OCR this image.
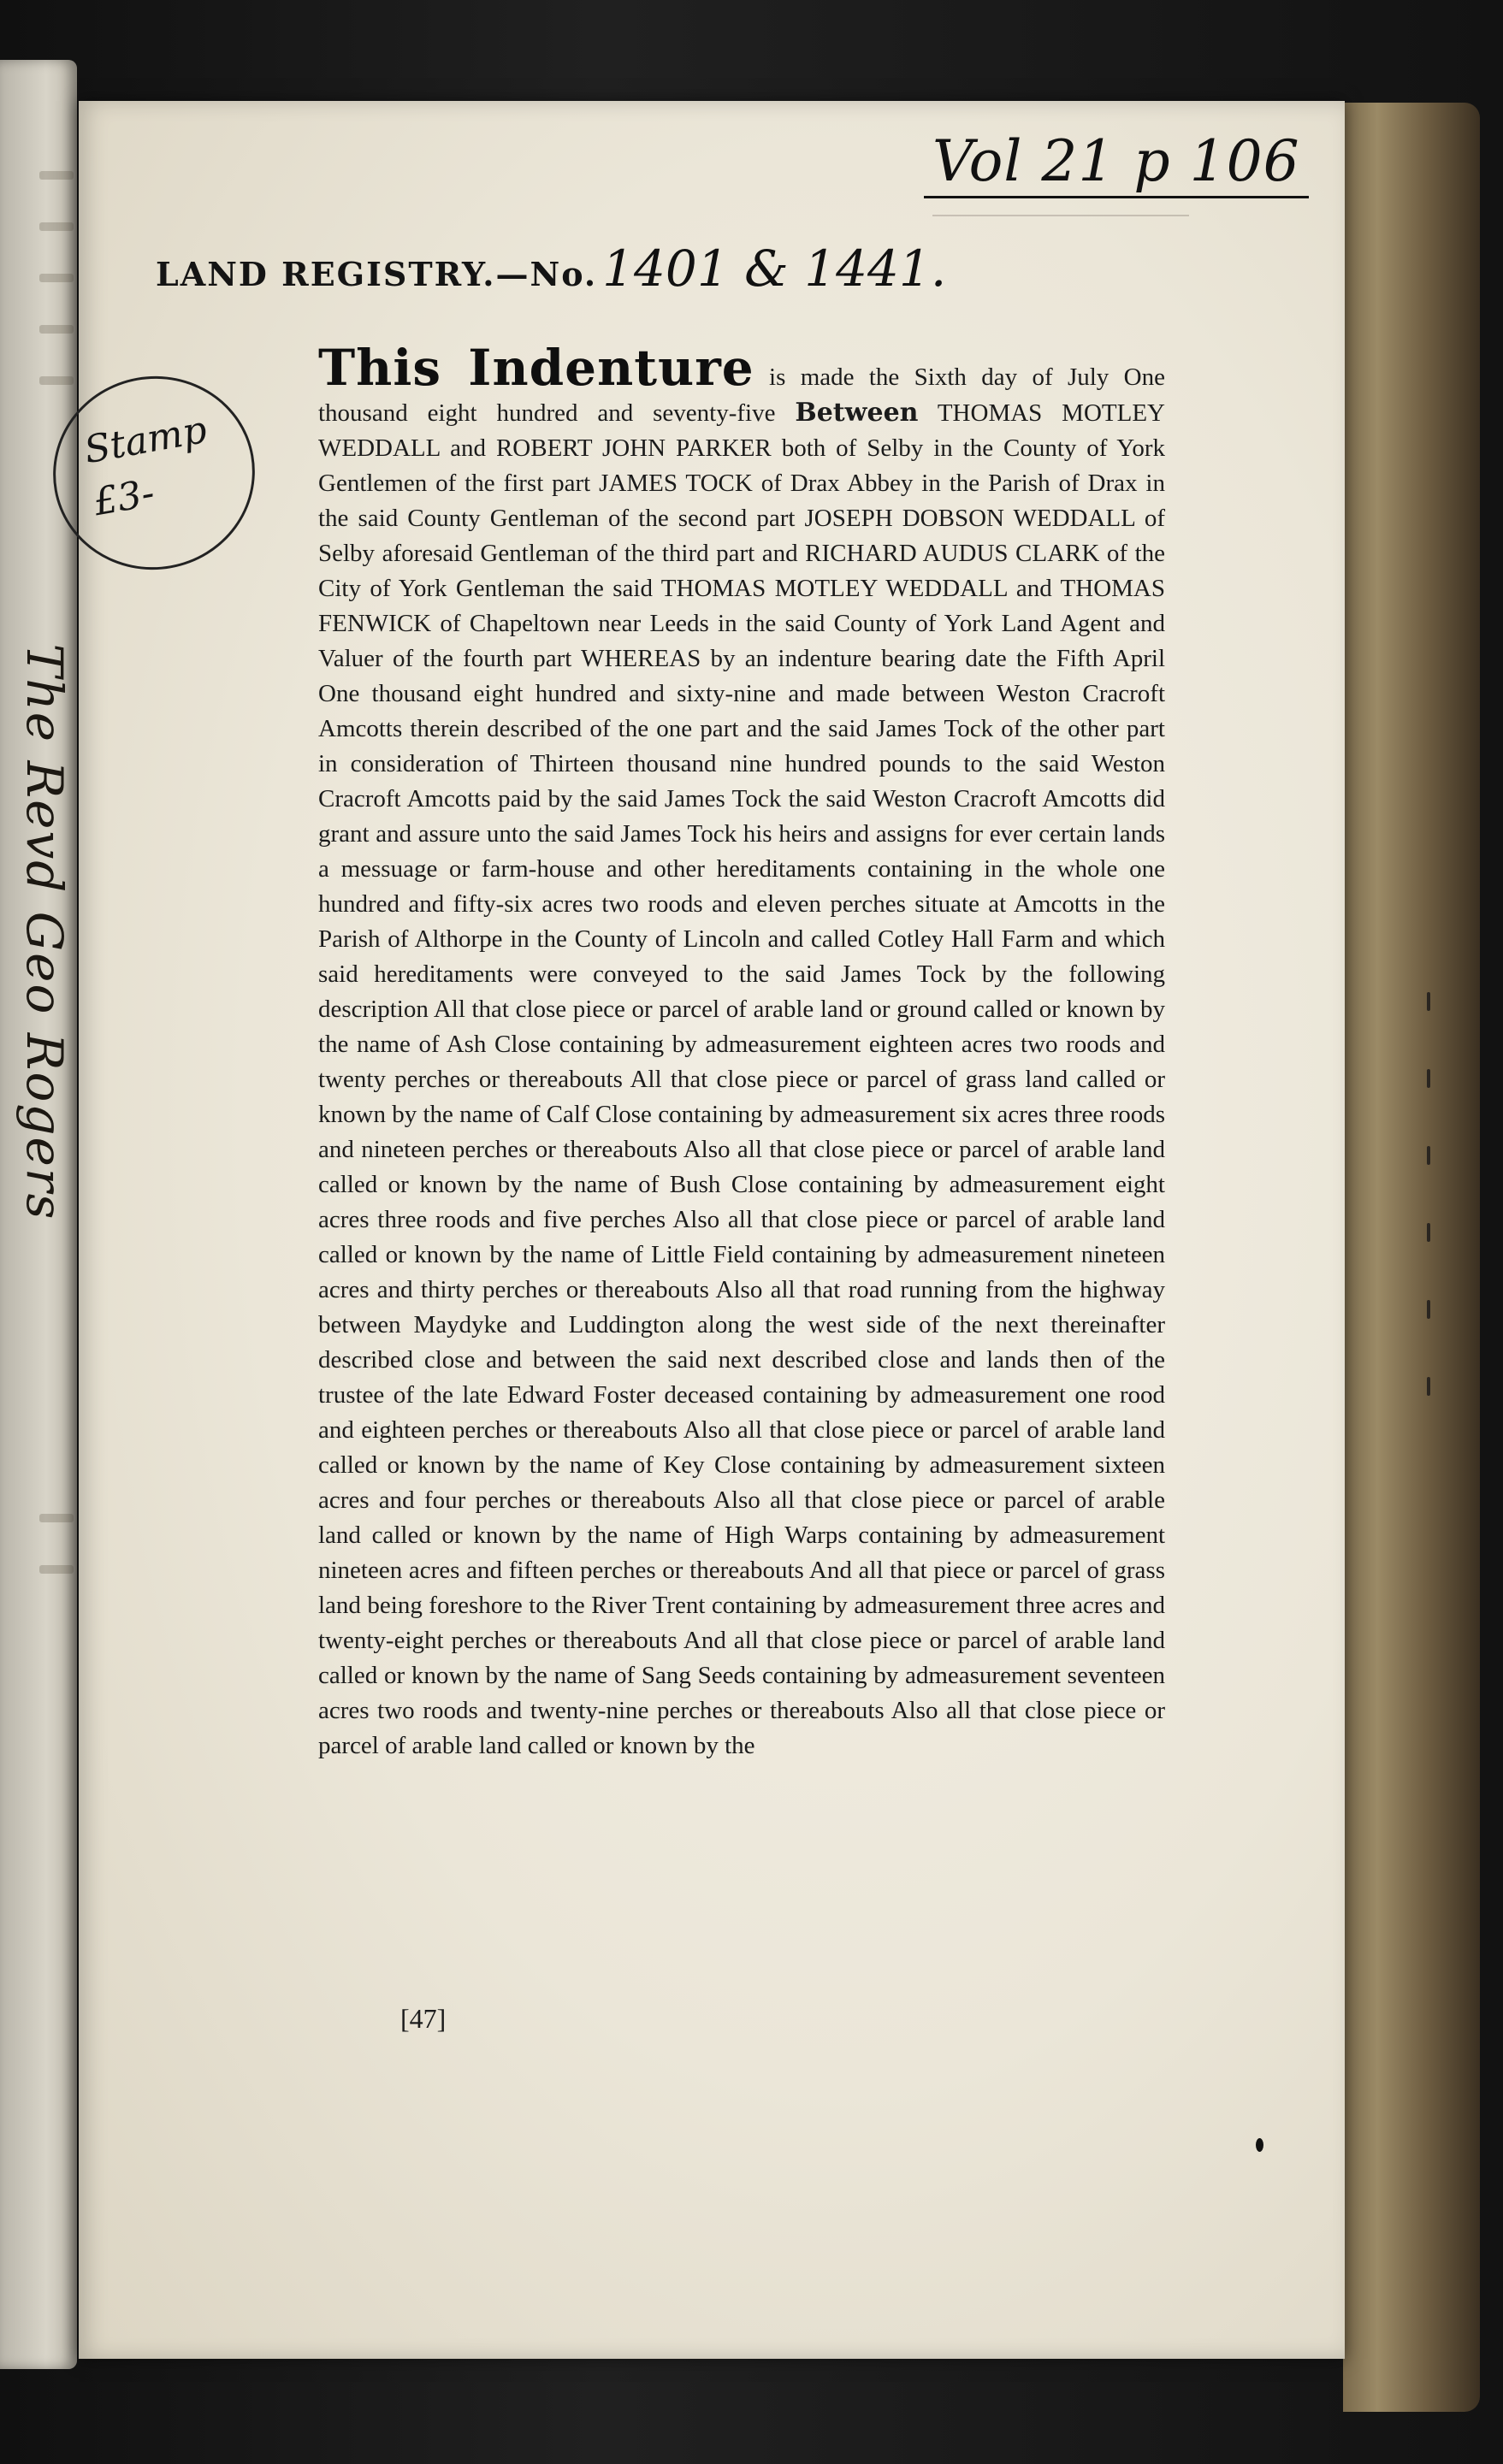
The Revd Geo Rogers
Vol 21 p 106
LAND REGISTRY.—No. 1401 & 1441.
Stamp
£3-

This Indenture is made the Sixth day of July One thousand eight hundred and seventy-five Between THOMAS MOTLEY WEDDALL and ROBERT JOHN PARKER both of Selby in the County of York Gentlemen of the first part JAMES TOCK of Drax Abbey in the Parish of Drax in the said County Gentleman of the second part JOSEPH DOBSON WEDDALL of Selby aforesaid Gentleman of the third part and RICHARD AUDUS CLARK of the City of York Gentleman the said THOMAS MOTLEY WEDDALL and THOMAS FENWICK of Chapeltown near Leeds in the said County of York Land Agent and Valuer of the fourth part WHEREAS by an indenture bearing date the Fifth April One thousand eight hundred and sixty-nine and made between Weston Cracroft Amcotts therein described of the one part and the said James Tock of the other part in consideration of Thirteen thousand nine hundred pounds to the said Weston Cracroft Amcotts paid by the said James Tock the said Weston Cracroft Amcotts did grant and assure unto the said James Tock his heirs and assigns for ever certain lands a messuage or farm-house and other hereditaments containing in the whole one hundred and fifty-six acres two roods and eleven perches situate at Amcotts in the Parish of Althorpe in the County of Lincoln and called Cotley Hall Farm and which said hereditaments were conveyed to the said James Tock by the following description All that close piece or parcel of arable land or ground called or known by the name of Ash Close containing by admeasurement eighteen acres two roods and twenty perches or thereabouts All that close piece or parcel of grass land called or known by the name of Calf Close containing by admeasurement six acres three roods and nineteen perches or thereabouts Also all that close piece or parcel of arable land called or known by the name of Bush Close containing by admeasurement eight acres three roods and five perches Also all that close piece or parcel of arable land called or known by the name of Little Field containing by admeasurement nineteen acres and thirty perches or thereabouts Also all that road running from the highway between Maydyke and Luddington along the west side of the next thereinafter described close and between the said next described close and lands then of the trustee of the late Edward Foster deceased containing by admeasurement one rood and eighteen perches or thereabouts Also all that close piece or parcel of arable land called or known by the name of Key Close containing by admeasurement sixteen acres and four perches or thereabouts Also all that close piece or parcel of arable land called or known by the name of High Warps containing by admeasurement nineteen acres and fifteen perches or thereabouts And all that piece or parcel of grass land being foreshore to the River Trent containing by admeasurement three acres and twenty-eight perches or thereabouts And all that close piece or parcel of arable land called or known by the name of Sang Seeds containing by admeasurement seventeen acres two roods and twenty-nine perches or thereabouts Also all that close piece or parcel of arable land called or known by the

[47]
